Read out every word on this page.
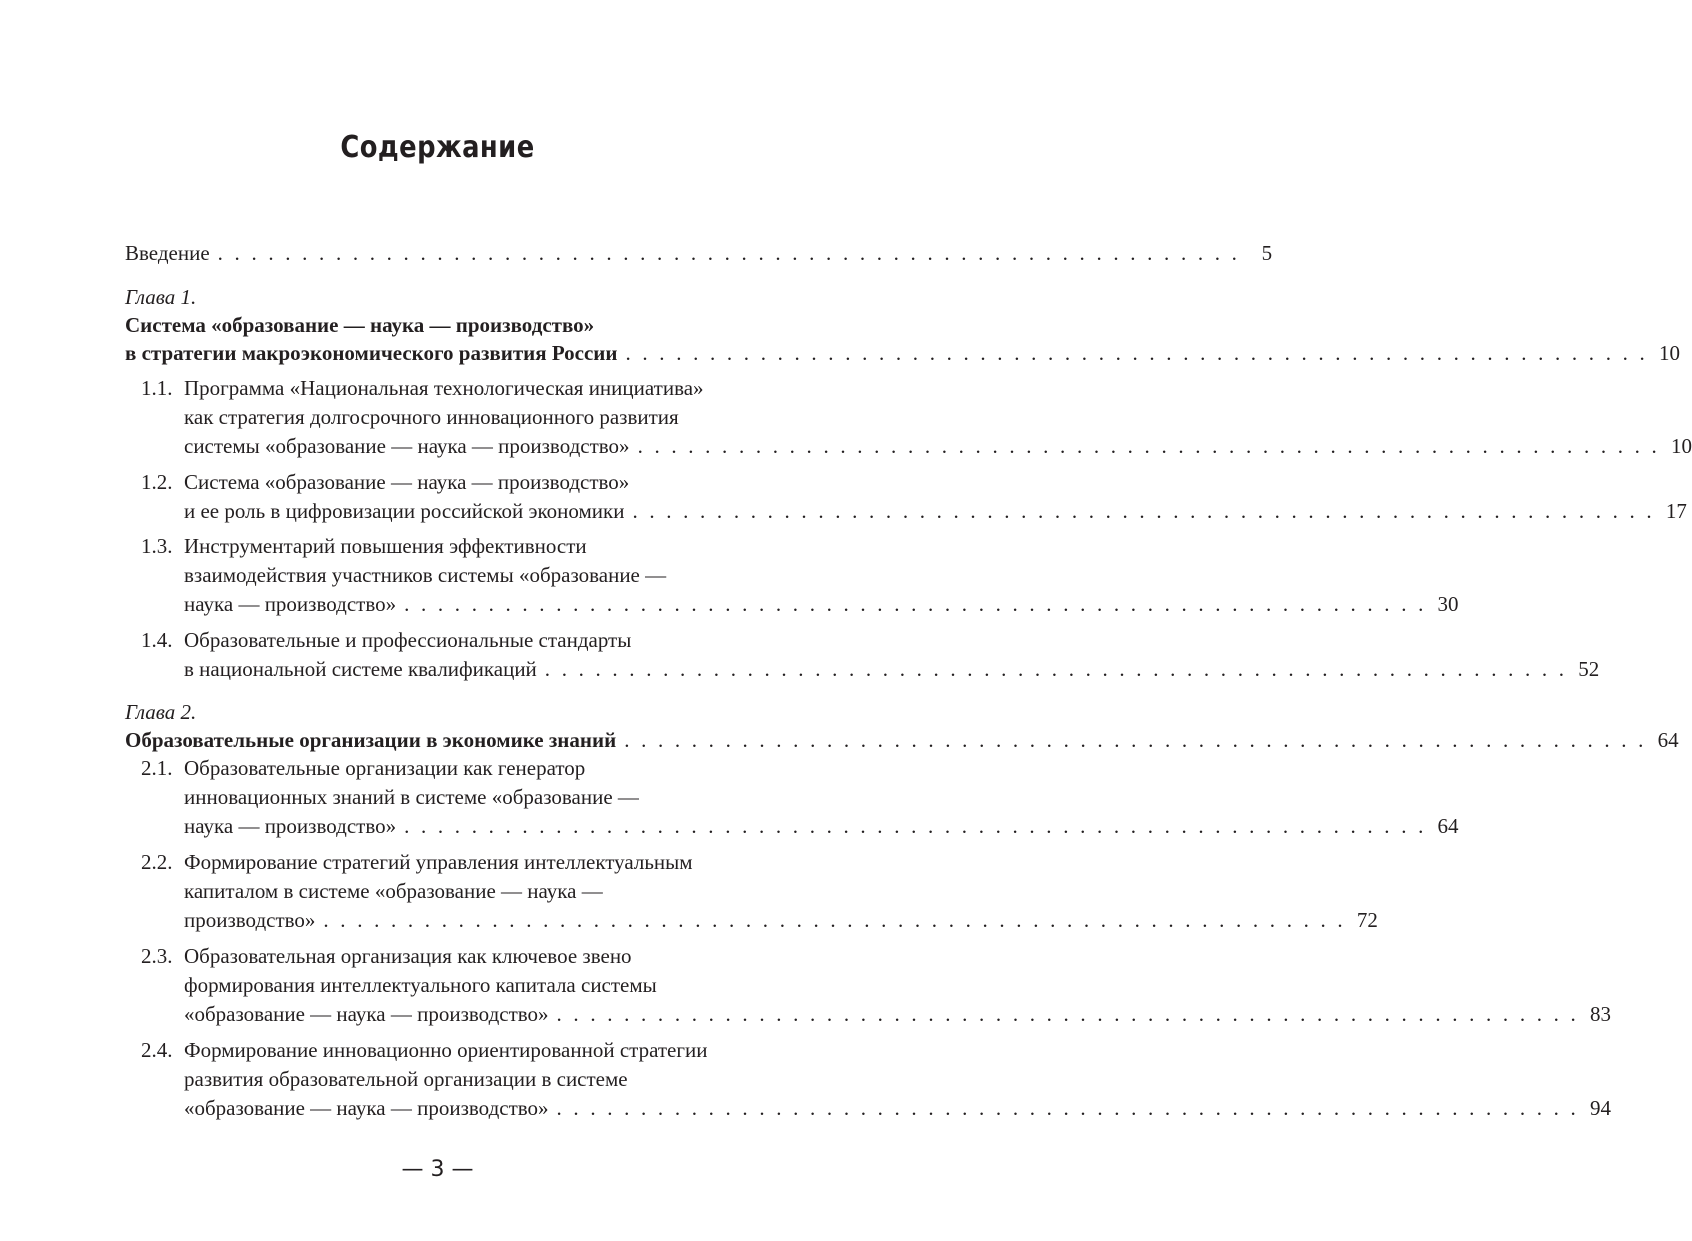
Содержание
Введение . . . . . . . . . . . . . . . . . . . . . . . . . . . . . . . . . . . . . . . . . . . . . . . . . . . . . . . . . . . . .	5
Глава 1.
Система «образование — наука — производство»
в стратегии макроэкономического развития России . . . . . . . . . . . . . . . . . . . . . . . . . . . . . . . . . . . . . . . . . . . . . . . . . . . . . . . . . . . . . 10
1.1. Программа «Национальная технологическая инициатива»
как стратегия долгосрочного инновационного развития
системы «образование — наука — производство» . . . . . . . . . . . . . . . . . . . . . . . . . . . . . . . . . . . . . . . . . . . . . . . . . . . . . . . . . . . . . 10
1.2. Система «образование — наука — производство»
и ее роль в цифровизации российской экономики . . . . . . . . . . . . . . . . . . . . . . . . . . . . . . . . . . . . . . . . . . . . . . . . . . . . . . . . . . . . . 17
1.3. Инструментарий повышения эффективности
взаимодействия участников системы «образование —
наука — производство» . . . . . . . . . . . . . . . . . . . . . . . . . . . . . . . . . . . . . . . . . . . . . . . . . . . . . . . . . . . . . 30
1.4. Образовательные и профессиональные стандарты
в национальной системе квалификаций . . . . . . . . . . . . . . . . . . . . . . . . . . . . . . . . . . . . . . . . . . . . . . . . . . . . . . . . . . . . . 52
Глава 2.
Образовательные организации в экономике знаний . . . . . . . . . . . . . . . . . . . . . . . . . . . . . . . . . . . . . . . . . . . . . . . . . . . . . . . . . . . . . 64
2.1. Образовательные организации как генератор
инновационных знаний в системе «образование —
наука — производство» . . . . . . . . . . . . . . . . . . . . . . . . . . . . . . . . . . . . . . . . . . . . . . . . . . . . . . . . . . . . . 64
2.2. Формирование стратегий управления интеллектуальным
капиталом в системе «образование — наука —
производство» . . . . . . . . . . . . . . . . . . . . . . . . . . . . . . . . . . . . . . . . . . . . . . . . . . . . . . . . . . . . . 72
2.3. Образовательная организация как ключевое звено
формирования интеллектуального капитала системы
«образование — наука — производство» . . . . . . . . . . . . . . . . . . . . . . . . . . . . . . . . . . . . . . . . . . . . . . . . . . . . . . . . . . . . . 83
2.4. Формирование инновационно ориентированной стратегии
развития образовательной организации в системе
«образование — наука — производство» . . . . . . . . . . . . . . . . . . . . . . . . . . . . . . . . . . . . . . . . . . . . . . . . . . . . . . . . . . . . . 94
— 3 —
